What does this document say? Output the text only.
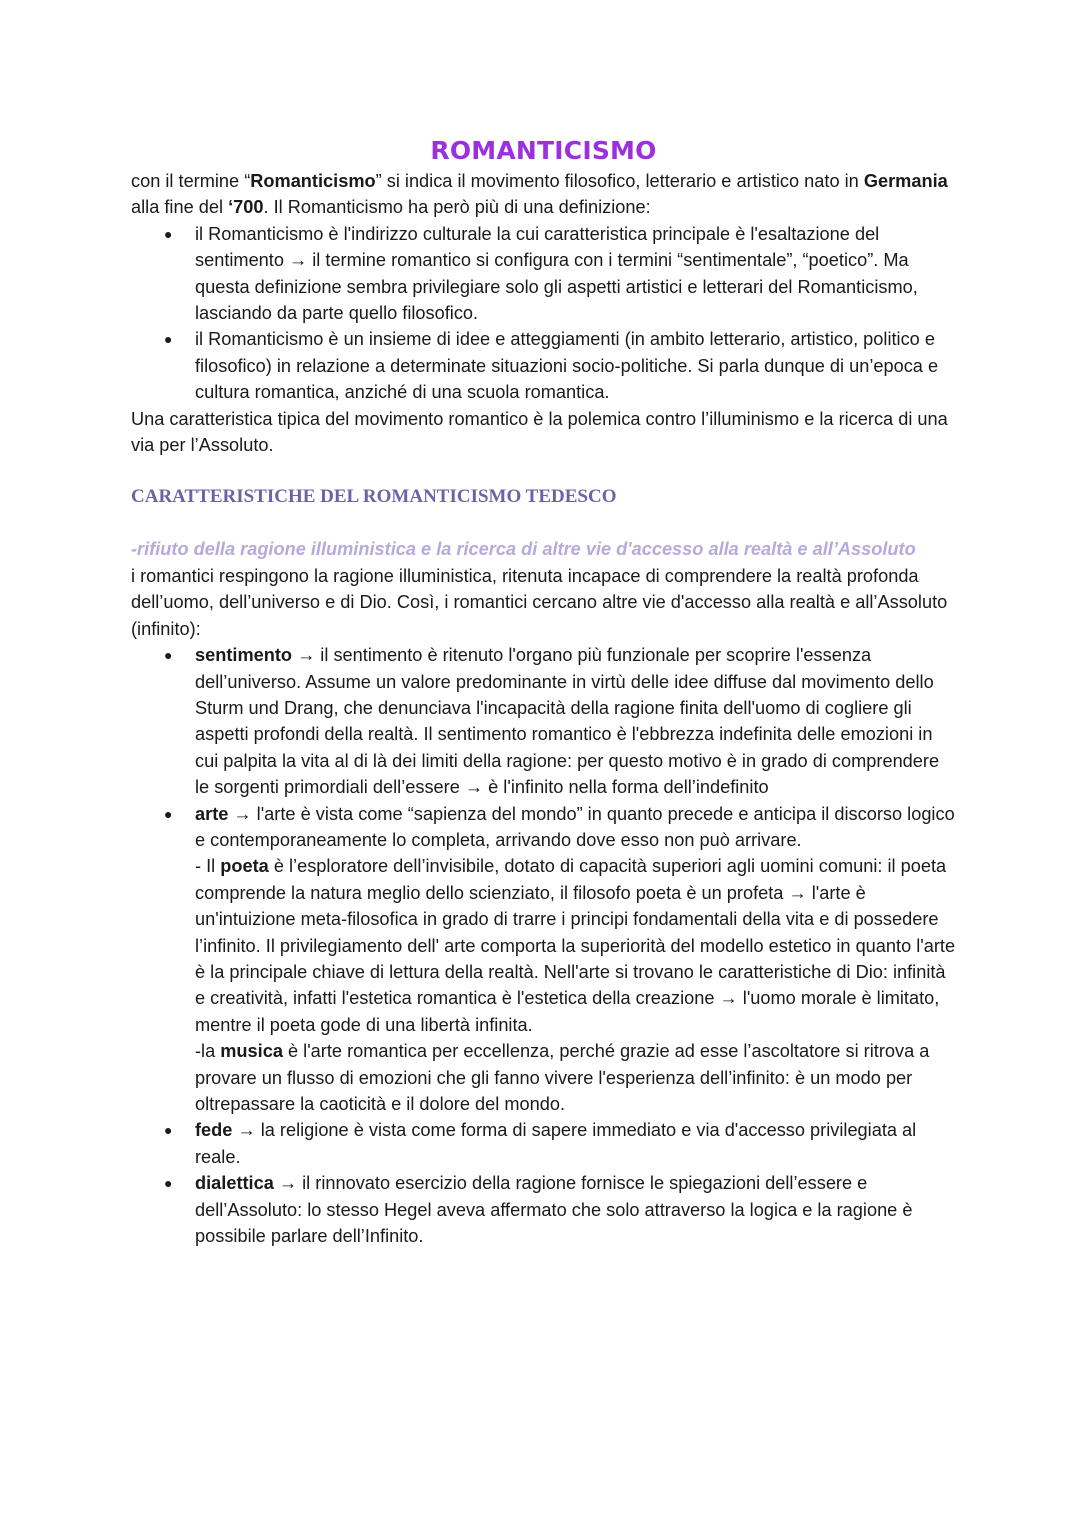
ROMANTICISMO

con il termine “Romanticismo” si indica il movimento filosofico, letterario e artistico nato in Germania alla fine del ‘700. Il Romanticismo ha però più di una definizione:

● il Romanticismo è l'indirizzo culturale la cui caratteristica principale è l'esaltazione del sentimento → il termine romantico si configura con i termini “sentimentale”, “poetico”. Ma questa definizione sembra privilegiare solo gli aspetti artistici e letterari del Romanticismo, lasciando da parte quello filosofico.
● il Romanticismo è un insieme di idee e atteggiamenti (in ambito letterario, artistico, politico e filosofico) in relazione a determinate situazioni socio-politiche. Si parla dunque di un’epoca e cultura romantica, anziché di una scuola romantica.

Una caratteristica tipica del movimento romantico è la polemica contro l’illuminismo e la ricerca di una via per l’Assoluto.

CARATTERISTICHE DEL ROMANTICISMO TEDESCO

-rifiuto della ragione illuministica e la ricerca di altre vie d'accesso alla realtà e all’Assoluto

i romantici respingono la ragione illuministica, ritenuta incapace di comprendere la realtà profonda dell’uomo, dell’universo e di Dio. Così, i romantici cercano altre vie d'accesso alla realtà e all’Assoluto (infinito):

● sentimento → il sentimento è ritenuto l'organo più funzionale per scoprire l'essenza dell’universo. Assume un valore predominante in virtù delle idee diffuse dal movimento dello Sturm und Drang, che denunciava l'incapacità della ragione finita dell'uomo di cogliere gli aspetti profondi della realtà. Il sentimento romantico è l'ebbrezza indefinita delle emozioni in cui palpita la vita al di là dei limiti della ragione: per questo motivo è in grado di comprendere le sorgenti primordiali dell’essere → è l'infinito nella forma dell’indefinito
● arte → l'arte è vista come “sapienza del mondo” in quanto precede e anticipa il discorso logico e contemporaneamente lo completa, arrivando dove esso non può arrivare.
- Il poeta è l’esploratore dell’invisibile, dotato di capacità superiori agli uomini comuni: il poeta comprende la natura meglio dello scienziato, il filosofo poeta è un profeta → l'arte è un'intuizione meta-filosofica in grado di trarre i principi fondamentali della vita e di possedere l’infinito. Il privilegiamento dell' arte comporta la superiorità del modello estetico in quanto l'arte è la principale chiave di lettura della realtà. Nell'arte si trovano le caratteristiche di Dio: infinità e creatività, infatti l'estetica romantica è l'estetica della creazione → l'uomo morale è limitato, mentre il poeta gode di una libertà infinita.
-la musica è l'arte romantica per eccellenza, perché grazie ad esse l’ascoltatore si ritrova a provare un flusso di emozioni che gli fanno vivere l'esperienza dell’infinito: è un modo per oltrepassare la caoticità e il dolore del mondo.
● fede → la religione è vista come forma di sapere immediato e via d'accesso privilegiata al reale.
● dialettica → il rinnovato esercizio della ragione fornisce le spiegazioni dell’essere e dell’Assoluto: lo stesso Hegel aveva affermato che solo attraverso la logica e la ragione è possibile parlare dell’Infinito.
